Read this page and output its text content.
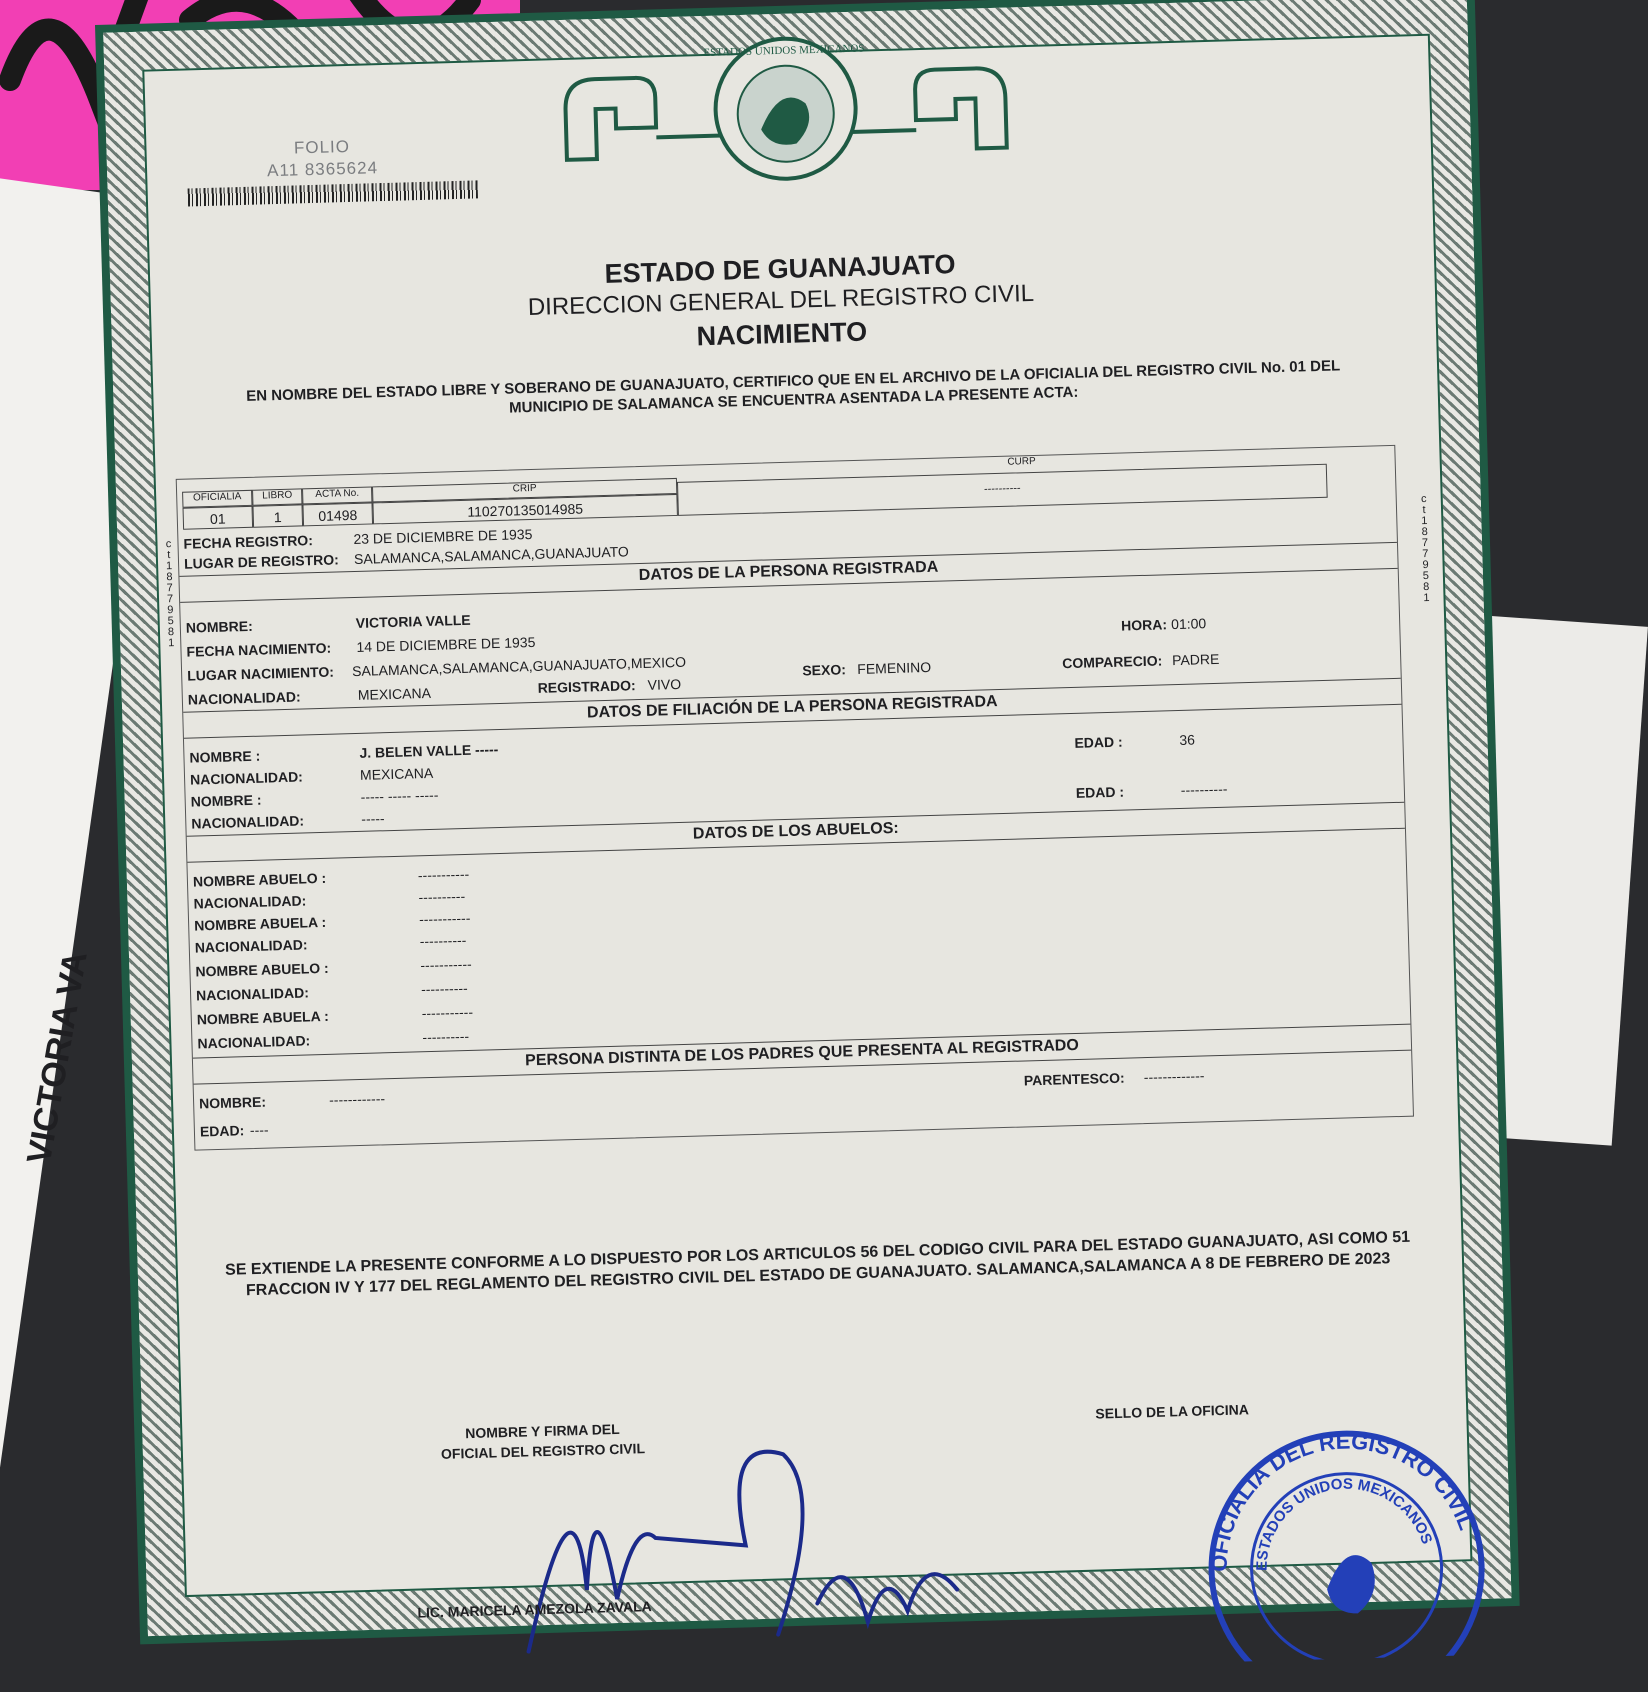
VICTORIA VA
FOLIO
A11 8365624
ESTADOS UNIDOS MEXICANOS
ESTADO DE GUANAJUATO
DIRECCION GENERAL DEL REGISTRO CIVIL
NACIMIENTO
EN NOMBRE DEL ESTADO LIBRE Y SOBERANO DE GUANAJUATO, CERTIFICO QUE EN EL ARCHIVO DE LA OFICIALIA DEL REGISTRO CIVIL No. 01 DEL MUNICIPIO DE SALAMANCA SE ENCUENTRA ASENTADA LA PRESENTE ACTA:
OFICIALIA	LIBRO	ACTA No.	CRIP
CURP
01	1	01498	110270135014985
----------
FECHA REGISTRO:	23 DE DICIEMBRE DE 1935
LUGAR DE REGISTRO: SALAMANCA,SALAMANCA,GUANAJUATO
DATOS DE LA PERSONA REGISTRADA
NOMBRE:	VICTORIA VALLE
FECHA NACIMIENTO: 14 DE DICIEMBRE DE 1935
HORA: 01:00
LUGAR NACIMIENTO: SALAMANCA,SALAMANCA,GUANAJUATO,MEXICO	SEXO: FEMENINO	COMPARECIO: PADRE
NACIONALIDAD:	MEXICANA	REGISTRADO: VIVO
DATOS DE FILIACIÓN DE LA PERSONA REGISTRADA
NOMBRE :	J. BELEN VALLE -----
NACIONALIDAD:	MEXICANA
EDAD :	36
NOMBRE :	----- ----- -----
NACIONALIDAD:	-----
EDAD :	----------
DATOS DE LOS ABUELOS:
NOMBRE ABUELO :	-----------
NACIONALIDAD:	----------
NOMBRE ABUELA :	-----------
NACIONALIDAD:	----------
NOMBRE ABUELO :	-----------
NACIONALIDAD:	----------
NOMBRE ABUELA :	-----------
NACIONALIDAD:	----------
PERSONA DISTINTA DE LOS PADRES QUE PRESENTA AL REGISTRADO
NOMBRE:	------------
PARENTESCO: -------------
EDAD: ----
c
t
1
8
7
7
9
5
8
1
c
t
1
8
7
7
9
5
8
1
SE EXTIENDE LA PRESENTE CONFORME A LO DISPUESTO POR LOS ARTICULOS 56 DEL CODIGO CIVIL PARA DEL ESTADO GUANAJUATO, ASI COMO 51 FRACCION IV Y 177 DEL REGLAMENTO DEL REGISTRO CIVIL DEL ESTADO DE GUANAJUATO. SALAMANCA,SALAMANCA A 8 DE FEBRERO DE 2023
NOMBRE Y FIRMA DEL
OFICIAL DEL REGISTRO CIVIL
SELLO DE LA OFICINA
LIC. MARICELA AMEZOLA ZAVALA
OFICIALIA DEL REGISTRO CIVIL
ESTADOS UNIDOS MEXICANOS
